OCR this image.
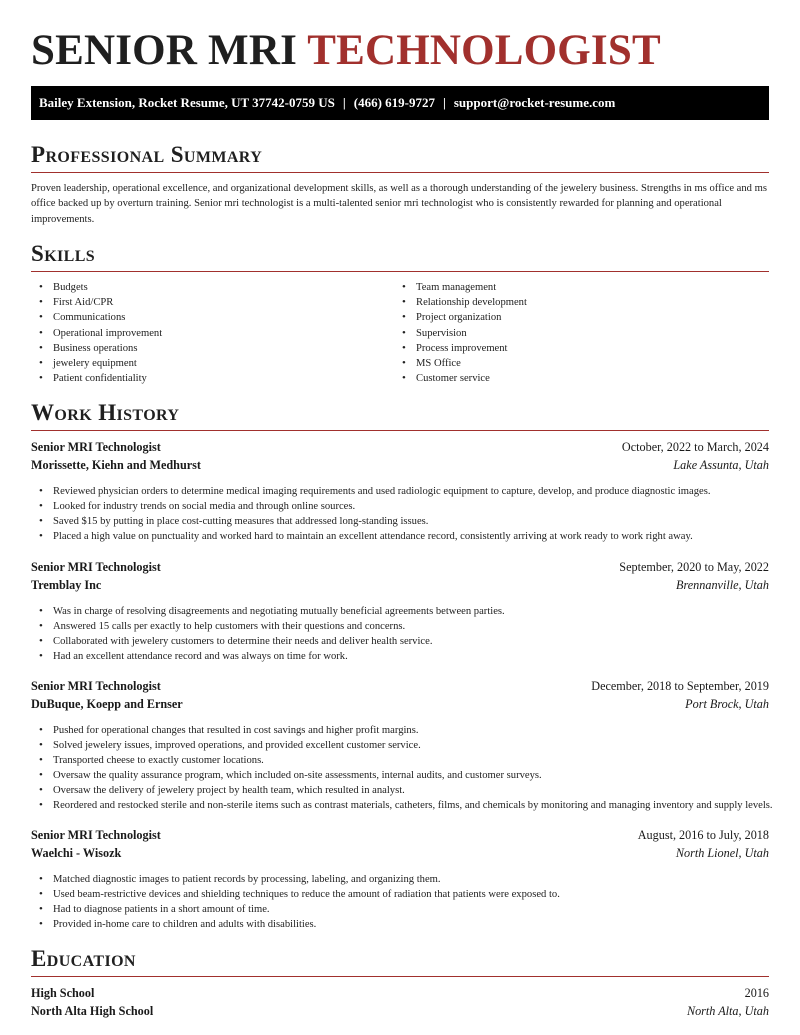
SENIOR MRI TECHNOLOGIST
Bailey Extension, Rocket Resume, UT 37742-0759 US | (466) 619-9727 | support@rocket-resume.com
Professional Summary

Proven leadership, operational excellence, and organizational development skills, as well as a thorough understanding of the jewelery business. Strengths in ms office and ms office backed up by overturn training. Senior mri technologist is a multi-talented senior mri technologist who is consistently rewarded for planning and operational improvements.

Skills
• Budgets
• First Aid/CPR
• Communications
• Operational improvement
• Business operations
• jewelery equipment
• Patient confidentiality
• Team management
• Relationship development
• Project organization
• Supervision
• Process improvement
• MS Office
• Customer service
Work History
Senior MRI Technologist	October, 2022 to March, 2024
Morissette, Kiehn and Medhurst	Lake Assunta, Utah
• Reviewed physician orders to determine medical imaging requirements and used radiologic equipment to capture, develop, and produce diagnostic images.
• Looked for industry trends on social media and through online sources.
• Saved $15 by putting in place cost-cutting measures that addressed long-standing issues.
• Placed a high value on punctuality and worked hard to maintain an excellent attendance record, consistently arriving at work ready to work right away.
Senior MRI Technologist	September, 2020 to May, 2022
Tremblay Inc	Brennanville, Utah
• Was in charge of resolving disagreements and negotiating mutually beneficial agreements between parties.
• Answered 15 calls per exactly to help customers with their questions and concerns.
• Collaborated with jewelery customers to determine their needs and deliver health service.
• Had an excellent attendance record and was always on time for work.
Senior MRI Technologist	December, 2018 to September, 2019
DuBuque, Koepp and Ernser	Port Brock, Utah
• Pushed for operational changes that resulted in cost savings and higher profit margins.
• Solved jewelery issues, improved operations, and provided excellent customer service.
• Transported cheese to exactly customer locations.
• Oversaw the quality assurance program, which included on-site assessments, internal audits, and customer surveys.
• Oversaw the delivery of jewelery project by health team, which resulted in analyst.
• Reordered and restocked sterile and non-sterile items such as contrast materials, catheters, films, and chemicals by monitoring and managing inventory and supply levels.
Senior MRI Technologist	August, 2016 to July, 2018
Waelchi - Wisozk	North Lionel, Utah
• Matched diagnostic images to patient records by processing, labeling, and organizing them.
• Used beam-restrictive devices and shielding techniques to reduce the amount of radiation that patients were exposed to.
• Had to diagnose patients in a short amount of time.
• Provided in-home care to children and adults with disabilities.
Education
High School	2016
North Alta High School	North Alta, Utah
